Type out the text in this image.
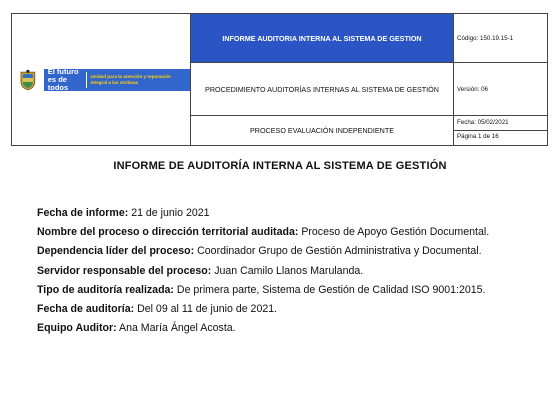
El futuro es de todos
Unidad para la atención y reparación integral a las víctimas	INFORME AUDITORIA INTERNA AL SISTEMA DE GESTION	Código: 150.19.15-1
	PROCEDIMIENTO AUDITORÍAS INTERNAS AL SISTEMA DE GESTIÓN	Versión: 06
	PROCESO EVALUACIÓN INDEPENDIENTE	Fecha: 05/02/2021
Página 1 de 16
INFORME DE AUDITORÍA INTERNA AL SISTEMA DE GESTIÓN
Fecha de informe: 21 de junio 2021
Nombre del proceso o dirección territorial auditada: Proceso de Apoyo Gestión Documental.
Dependencia líder del proceso: Coordinador Grupo de Gestión Administrativa y Documental.
Servidor responsable del proceso: Juan Camilo Llanos Marulanda.
Tipo de auditoría realizada: De primera parte, Sistema de Gestión de Calidad ISO 9001:2015.
Fecha de auditoría: Del 09 al 11 de junio de 2021.
Equipo Auditor: Ana María Ángel Acosta.
